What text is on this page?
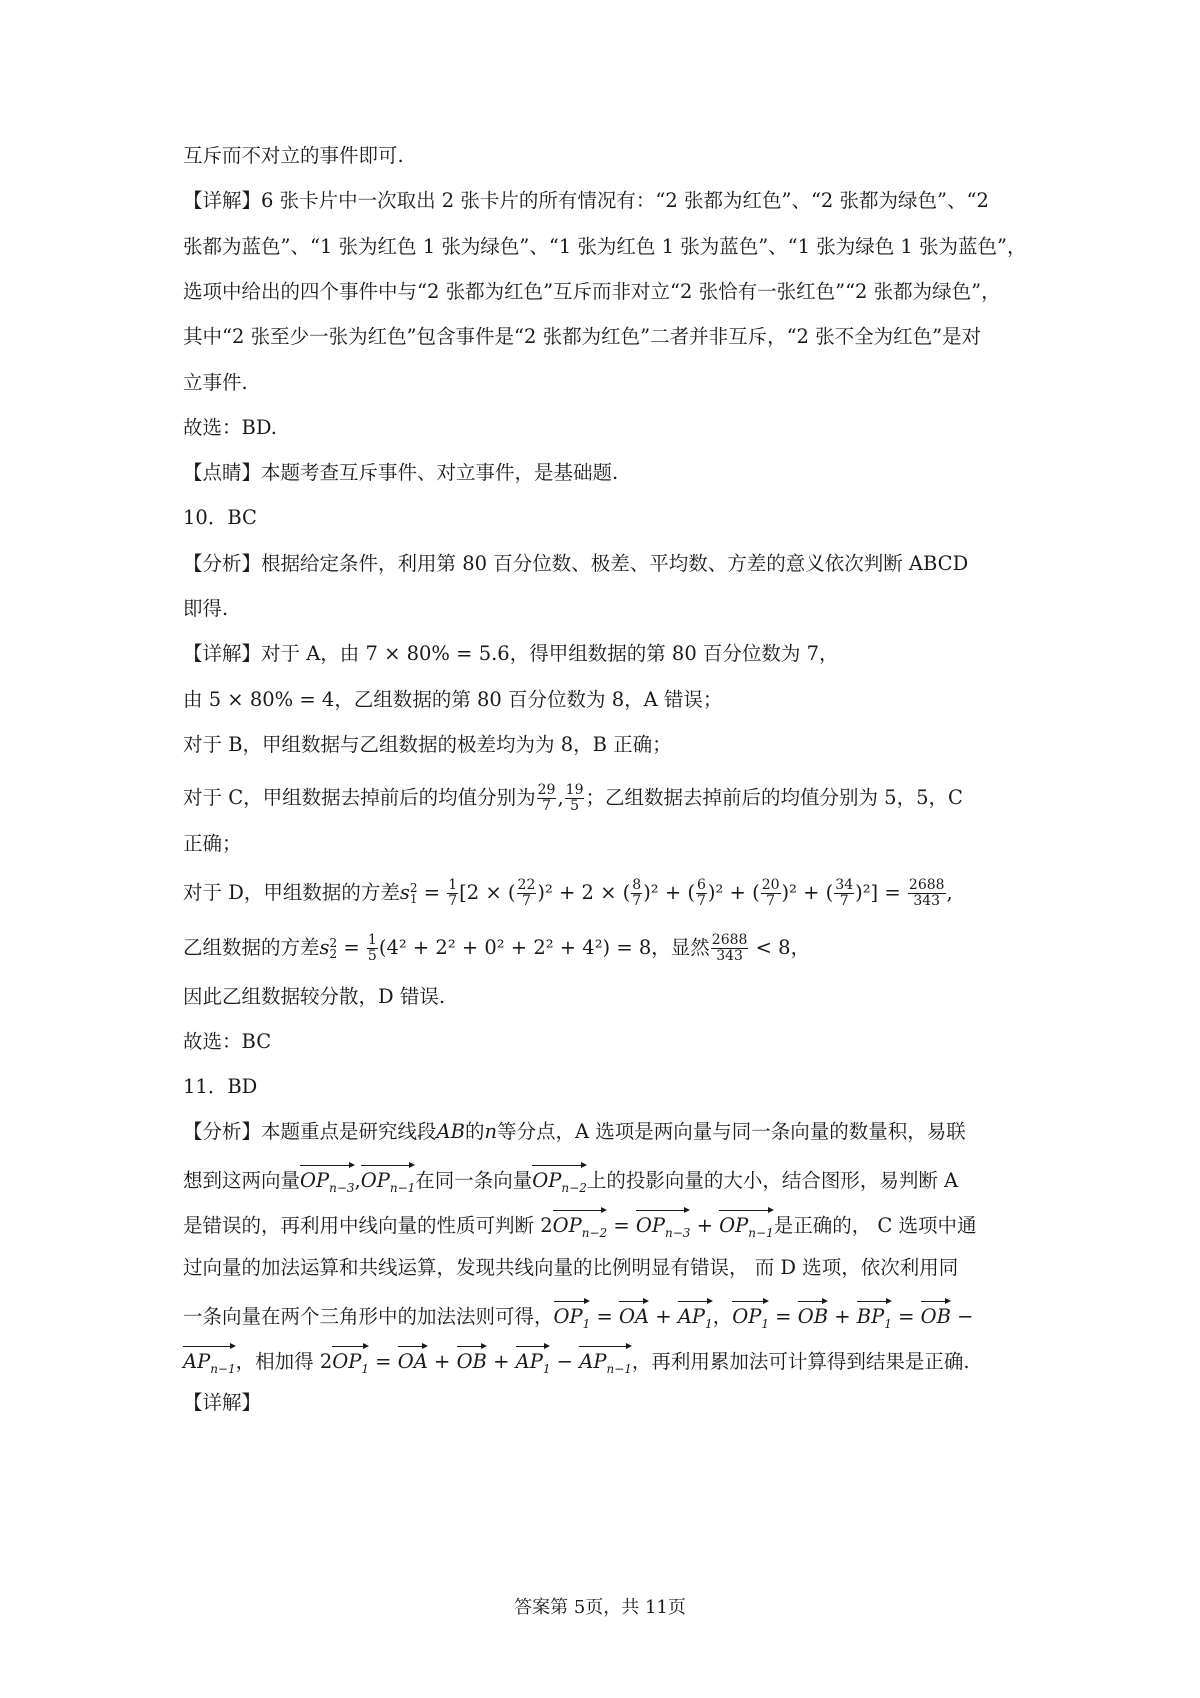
互斥而不对立的事件即可.
【详解】6 张卡片中一次取出 2 张卡片的所有情况有：“2 张都为红色”、“2 张都为绿色”、“2
张都为蓝色”、“1 张为红色 1 张为绿色”、“1 张为红色 1 张为蓝色”、“1 张为绿色 1 张为蓝色”，
选项中给出的四个事件中与“2 张都为红色”互斥而非对立“2 张恰有一张红色”“2 张都为绿色”，
其中“2 张至少一张为红色”包含事件是“2 张都为红色”二者并非互斥，“2 张不全为红色”是对
立事件.
故选：BD.
【点睛】本题考查互斥事件、对立事件，是基础题.
10．BC
【分析】根据给定条件，利用第 80 百分位数、极差、平均数、方差的意义依次判断 ABCD
即得.
【详解】对于 A，由 7 × 80% = 5.6，得甲组数据的第 80 百分位数为 7，
由 5 × 80% = 4，乙组数据的第 80 百分位数为 8，A 错误；
对于 B，甲组数据与乙组数据的极差均为为 8，B 正确；
对于 C，甲组数据去掉前后的均值分别为 $\frac{29}{7}$ , $\frac{19}{5}$ ；乙组数据去掉前后的均值分别为 5，5，C
正确；
对于 D，甲组数据的方差s 2
$1 = \frac{1}{7} [2$ × ( $\frac{22}{7} )^2 + 2$ × ( $\frac{8}{7} )^2$ + ( $\frac{6}{7} )^2$ + ( $\frac{20}{7} )^2$ + ( $\frac{34}{7} )^2] = \frac{2688}{343}$ ,
乙组数据的方差s 2
$2 = \frac{1}{5} (4^2 + 2^2 + 0^2 + 2^2 + 4^2) = 8$，显然 $\frac{2688}{343} < 8$，
因此乙组数据较分散，D 错误.
故选：BC
11．BD
【分析】本题重点是研究线段AB的n等分点，A 选项是两向量与同一条向量的数量积，易联
想到这两向量$OP_{n-3},OP_{n-1}$在同一条向量$OP_{n-2}$上的投影向量的大小，结合图形，易判断 A
是错误的，再利用中线向量的性质可判断 $2OP_{n-2} = OP_{n-3} + OP_{n-1}$是正确的， C 选项中通
过向量的加法运算和共线运算，发现共线向量的比例明显有错误， 而 D 选项，依次利用同
一条向量在两个三角形中的加法法则可得，$OP_1$ = OA + $AP_1$，$OP_1$ = OB + $BP_1$ = OB −
$AP_{n-1}$，相加得 $2OP_1$ = OA + OB + $AP_1 - AP_{n-1}$，再利用累加法可计算得到结果是正确.
【详解】
答案第 5页，共 11页
